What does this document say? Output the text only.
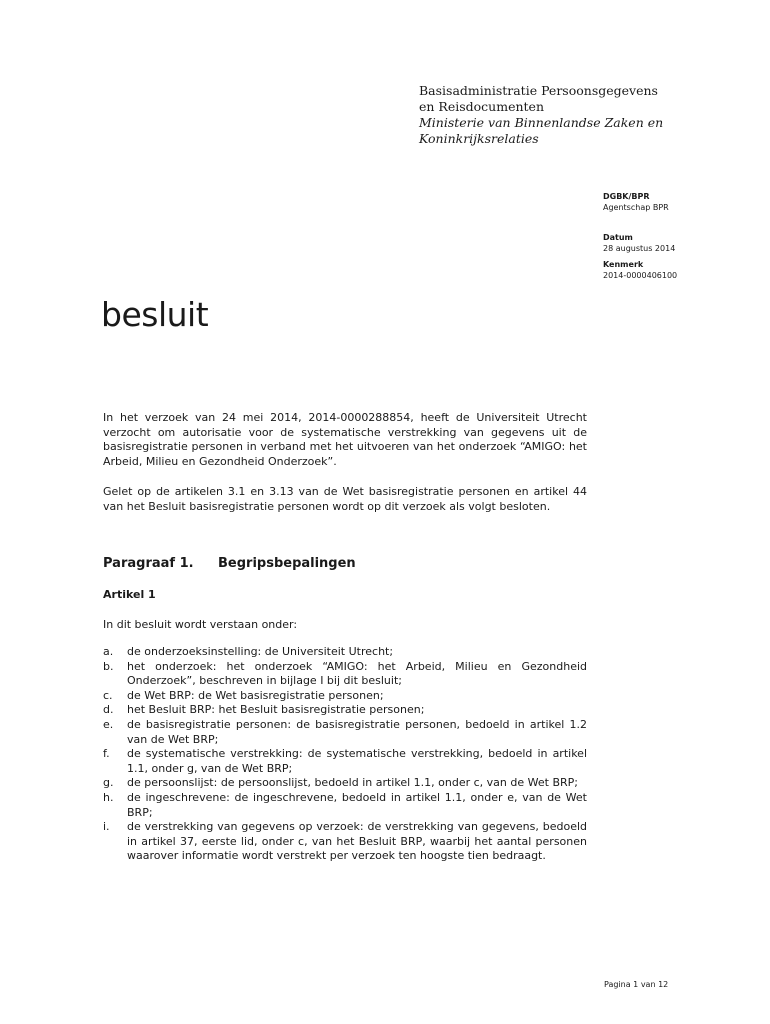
Basisadministratie Persoonsgegevens
en Reisdocumenten
Ministerie van Binnenlandse Zaken en
Koninkrijksrelaties
DGBK/BPR
Agentschap BPR
Datum
28 augustus 2014
Kenmerk
2014-0000406100
besluit
In het verzoek van 24 mei 2014, 2014-0000288854, heeft de Universiteit Utrecht verzocht om autorisatie voor de systematische verstrekking van gegevens uit de basisregistratie personen in verband met het uitvoeren van het onderzoek “AMIGO: het Arbeid, Milieu en Gezondheid Onderzoek”.
Gelet op de artikelen 3.1 en 3.13 van de Wet basisregistratie personen en artikel 44 van het Besluit basisregistratie personen wordt op dit verzoek als volgt besloten.
Paragraaf 1. Begripsbepalingen
Artikel 1
In dit besluit wordt verstaan onder:
a. de onderzoeksinstelling: de Universiteit Utrecht;
b. het onderzoek: het onderzoek “AMIGO: het Arbeid, Milieu en Gezondheid Onderzoek”, beschreven in bijlage I bij dit besluit;
c. de Wet BRP: de Wet basisregistratie personen;
d. het Besluit BRP: het Besluit basisregistratie personen;
e. de basisregistratie personen: de basisregistratie personen, bedoeld in artikel 1.2 van de Wet BRP;
f. de systematische verstrekking: de systematische verstrekking, bedoeld in artikel 1.1, onder g, van de Wet BRP;
g. de persoonslijst: de persoonslijst, bedoeld in artikel 1.1, onder c, van de Wet BRP;
h. de ingeschrevene: de ingeschrevene, bedoeld in artikel 1.1, onder e, van de Wet BRP;
i. de verstrekking van gegevens op verzoek: de verstrekking van gegevens, bedoeld in artikel 37, eerste lid, onder c, van het Besluit BRP, waarbij het aantal personen waarover informatie wordt verstrekt per verzoek ten hoogste tien bedraagt.
Pagina 1 van 12
